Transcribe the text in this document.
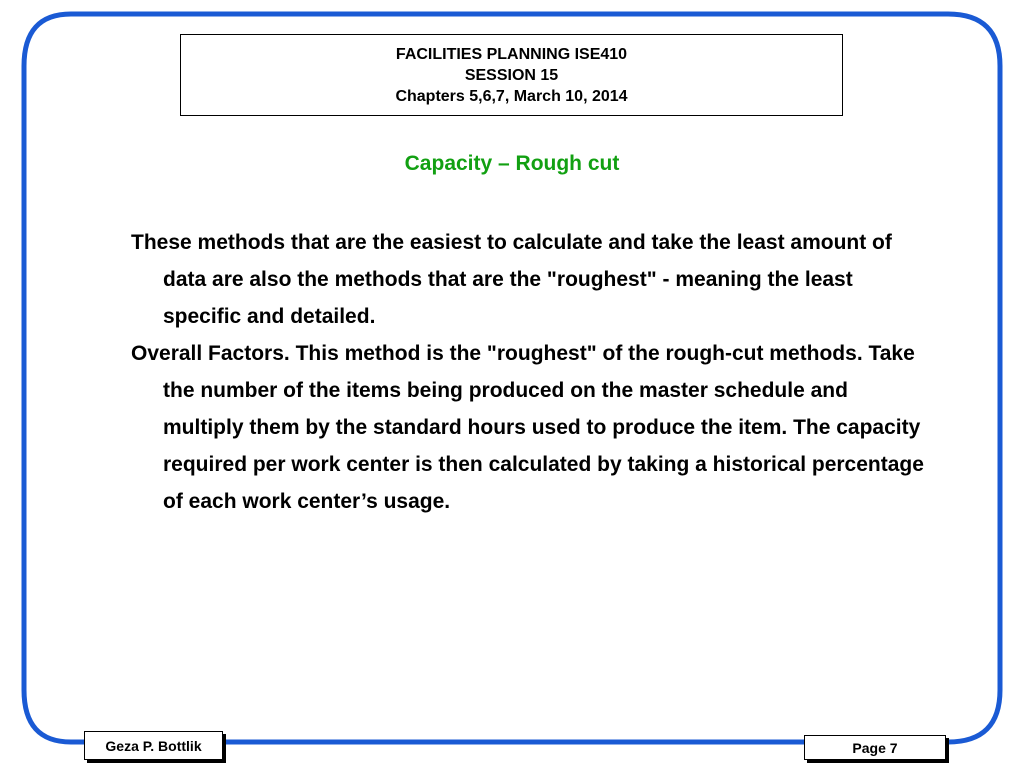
FACILITIES PLANNING ISE410
SESSION 15
Chapters 5,6,7, March 10, 2014
Capacity – Rough cut

These methods that are the easiest to calculate and take the least amount of data are also the methods that are the "roughest" - meaning the least specific and detailed.

Overall Factors. This method is the "roughest" of the rough-cut methods. Take the number of the items being produced on the master schedule and multiply them by the standard hours used to produce the item. The capacity required per work center is then calculated by taking a historical percentage of each work center’s usage.

Geza P. Bottlik	Page 7
